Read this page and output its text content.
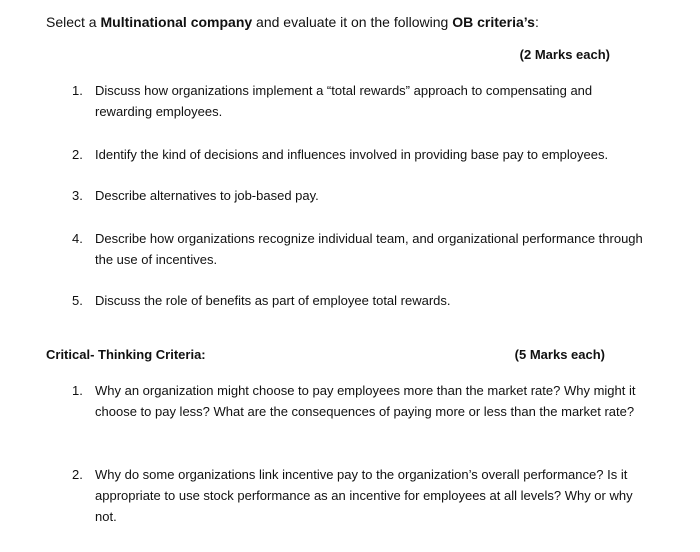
Select a Multinational company and evaluate it on the following OB criteria’s:
(2 Marks each)
1. Discuss how organizations implement a “total rewards” approach to compensating and rewarding employees.
2. Identify the kind of decisions and influences involved in providing base pay to employees.
3. Describe alternatives to job-based pay.
4. Describe how organizations recognize individual team, and organizational performance through the use of incentives.
5. Discuss the role of benefits as part of employee total rewards.
Critical- Thinking Criteria:	(5 Marks each)
1. Why an organization might choose to pay employees more than the market rate? Why might it choose to pay less? What are the consequences of paying more or less than the market rate?
2. Why do some organizations link incentive pay to the organization’s overall performance? Is it appropriate to use stock performance as an incentive for employees at all levels? Why or why not.
